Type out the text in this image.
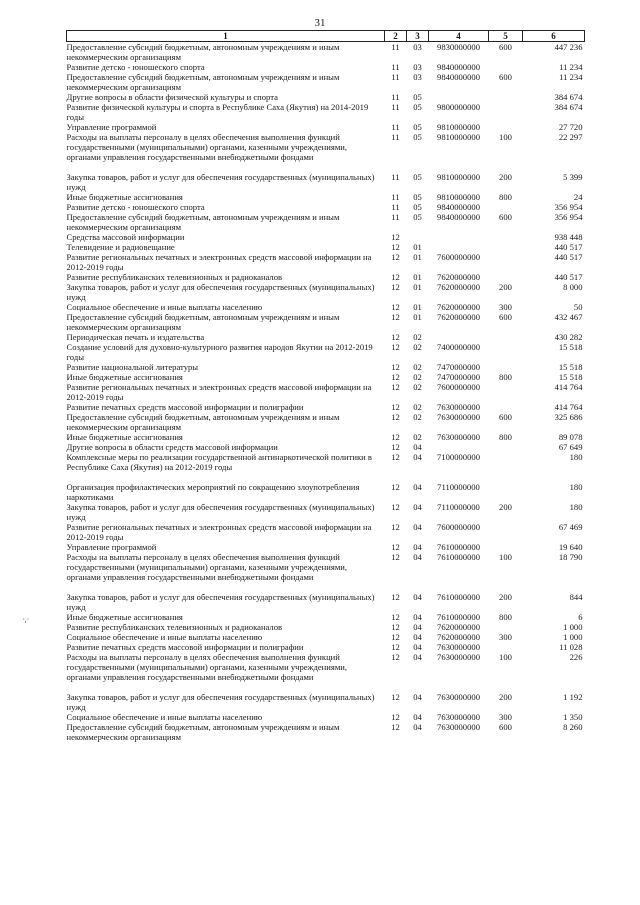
31
·,·
1	2	3	4	5	6
Предоставление субсидий бюджетным, автономным учреждениям и иным некоммерческим организациям	11	03	9830000000	600	447 236
Развитие детско - юношеского спорта	11	03	9840000000		11 234
Предоставление субсидий бюджетным, автономным учреждениям и иным некоммерческим организациям	11	03	9840000000	600	11 234
Другие вопросы в области физической культуры и спорта	11	05			384 674
Развитие физической культуры и спорта в Республике Саха (Якутия) на 2014-2019 годы	11	05	9800000000		384 674
Управление программой	11	05	9810000000		27 720
Расходы на выплаты персоналу в целях обеспечения выполнения функций государственными (муниципальными) органами, казенными учреждениями, органами управления государственными внебюджетными фондами	11	05	9810000000	100	22 297
Закупка товаров, работ и услуг для обеспечения государственных (муниципальных) нужд	11	05	9810000000	200	5 399
Иные бюджетные ассигнования	11	05	9810000000	800	24
Развитие детско - юношеского спорта	11	05	9840000000		356 954
Предоставление субсидий бюджетным, автономным учреждениям и иным некоммерческим организациям	11	05	9840000000	600	356 954
Средства массовой информации	12				938 448
Телевидение и радиовещание	12	01			440 517
Развитие региональных печатных и электронных средств массовой информации на 2012-2019 годы	12	01	7600000000		440 517
Развитие республиканских телевизионных и радиоканалов	12	01	7620000000		440 517
Закупка товаров, работ и услуг для обеспечения государственных (муниципальных) нужд	12	01	7620000000	200	8 000
Социальное обеспечение и иные выплаты населению	12	01	7620000000	300	50
Предоставление субсидий бюджетным, автономным учреждениям и иным некоммерческим организациям	12	01	7620000000	600	432 467
Периодическая печать и издательства	12	02			430 282
Создание условий для духовно-культурного развития народов Якутии на 2012-2019 годы	12	02	7400000000		15 518
Развитие национальной литературы	12	02	7470000000		15 518
Иные бюджетные ассигнования	12	02	7470000000	800	15 518
Развитие региональных печатных и электронных средств массовой информации на 2012-2019 годы	12	02	7600000000		414 764
Развитие печатных средств массовой информации и полиграфии	12	02	7630000000		414 764
Предоставление субсидий бюджетным, автономным учреждениям и иным некоммерческим организациям	12	02	7630000000	600	325 686
Иные бюджетные ассигнования	12	02	7630000000	800	89 078
Другие вопросы в области средств массовой информации	12	04			67 649
Комплексные меры по реализации государственной антинаркотической политики в Республике Саха (Якутия) на 2012-2019 годы	12	04	7100000000		180
Организация профилактических мероприятий по сокращению злоупотребления наркотиками	12	04	7110000000		180
Закупка товаров, работ и услуг для обеспечения государственных (муниципальных) нужд	12	04	7110000000	200	180
Развитие региональных печатных и электронных средств массовой информации на 2012-2019 годы	12	04	7600000000		67 469
Управление программой	12	04	7610000000		19 640
Расходы на выплаты персоналу в целях обеспечения выполнения функций государственными (муниципальными) органами, казенными учреждениями, органами управления государственными внебюджетными фондами	12	04	7610000000	100	18 790
Закупка товаров, работ и услуг для обеспечения государственных (муниципальных) нужд	12	04	7610000000	200	844
Иные бюджетные ассигнования	12	04	7610000000	800	6
Развитие республиканских телевизионных и радиоканалов	12	04	7620000000		1 000
Социальное обеспечение и иные выплаты населению	12	04	7620000000	300	1 000
Развитие печатных средств массовой информации и полиграфии	12	04	7630000000		11 028
Расходы на выплаты персоналу в целях обеспечения выполнения функций государственными (муниципальными) органами, казенными учреждениями, органами управления государственными внебюджетными фондами	12	04	7630000000	100	226
Закупка товаров, работ и услуг для обеспечения государственных (муниципальных) нужд	12	04	7630000000	200	1 192
Социальное обеспечение и иные выплаты населению	12	04	7630000000	300	1 350
Предоставление субсидий бюджетным, автономным учреждениям и иным некоммерческим организациям	12	04	7630000000	600	8 260
